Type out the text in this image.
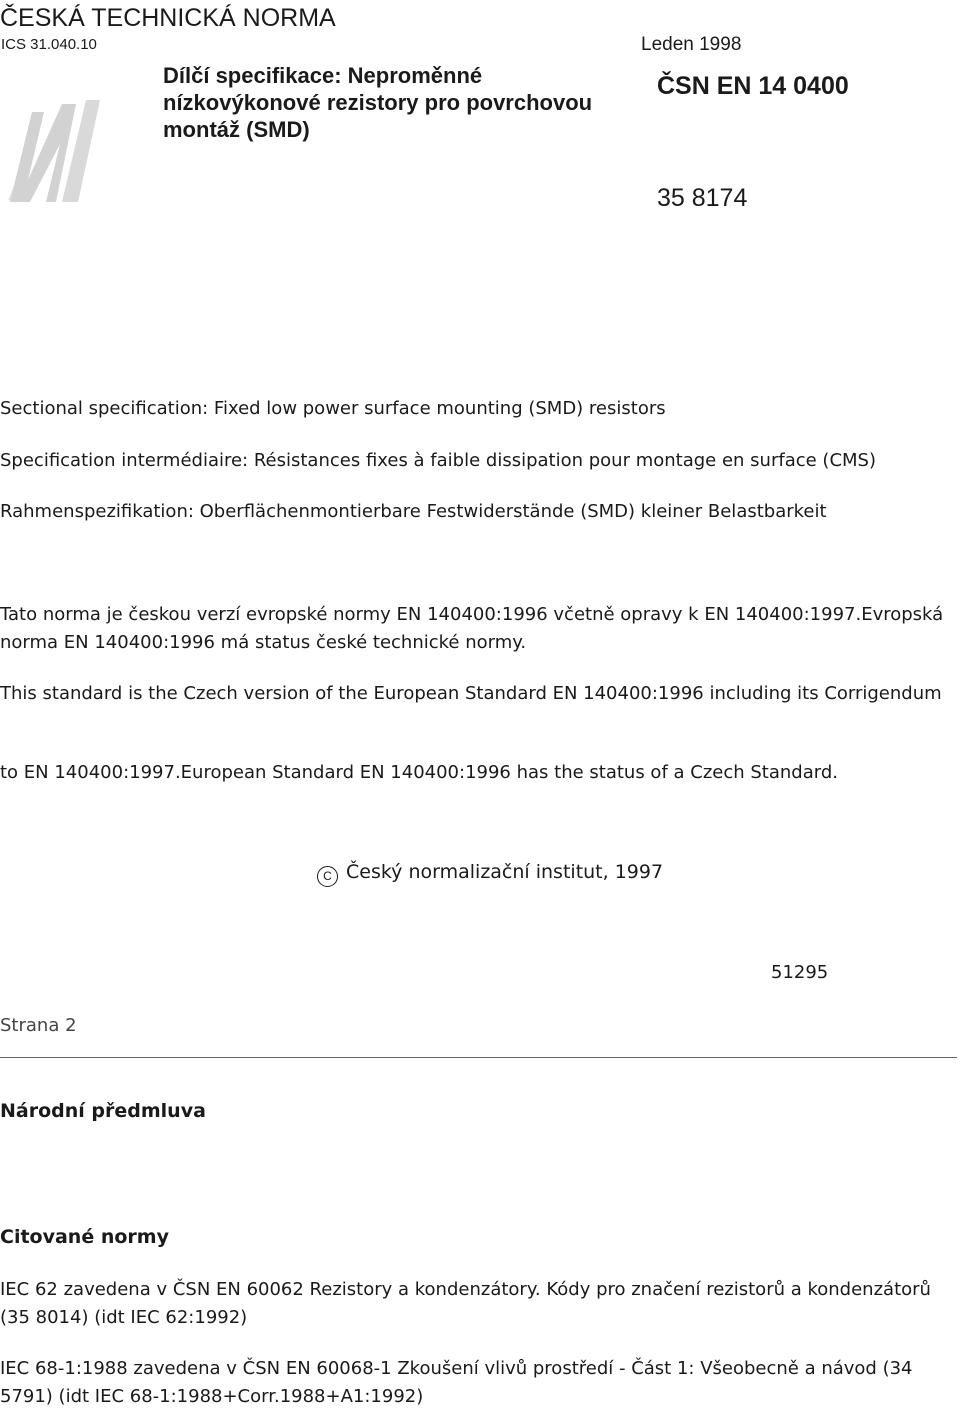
ČESKÁ TECHNICKÁ NORMA
ICS 31.040.10
Dílčí specifikace: Neproměnné nízkovýkonové rezistory pro povrchovou montáž (SMD)
Leden 1998
ČSN EN 14 0400
35 8174
Sectional specification: Fixed low power surface mounting (SMD) resistors
Specification intermédiaire: Résistances fixes à faible dissipation pour montage en surface (CMS)
Rahmenspezifikation: Oberflächenmontierbare Festwiderstände (SMD) kleiner Belastbarkeit
Tato norma je českou verzí evropské normy EN 140400:1996 včetně opravy k EN 140400:1997.Evropská norma EN 140400:1996 má status české technické normy.
This standard is the Czech version of the European Standard EN 140400:1996 including its Corrigendum
to EN 140400:1997.European Standard EN 140400:1996 has the status of a Czech Standard.
C Český normalizační institut, 1997
51295
Strana 2
Národní předmluva
Citované normy
IEC 62 zavedena v ČSN EN 60062 Rezistory a kondenzátory. Kódy pro značení rezistorů a kondenzátorů (35 8014) (idt IEC 62:1992)
IEC 68-1:1988 zavedena v ČSN EN 60068-1 Zkoušení vlivů prostředí - Část 1: Všeobecně a návod (34 5791) (idt IEC 68-1:1988+Corr.1988+A1:1992)
